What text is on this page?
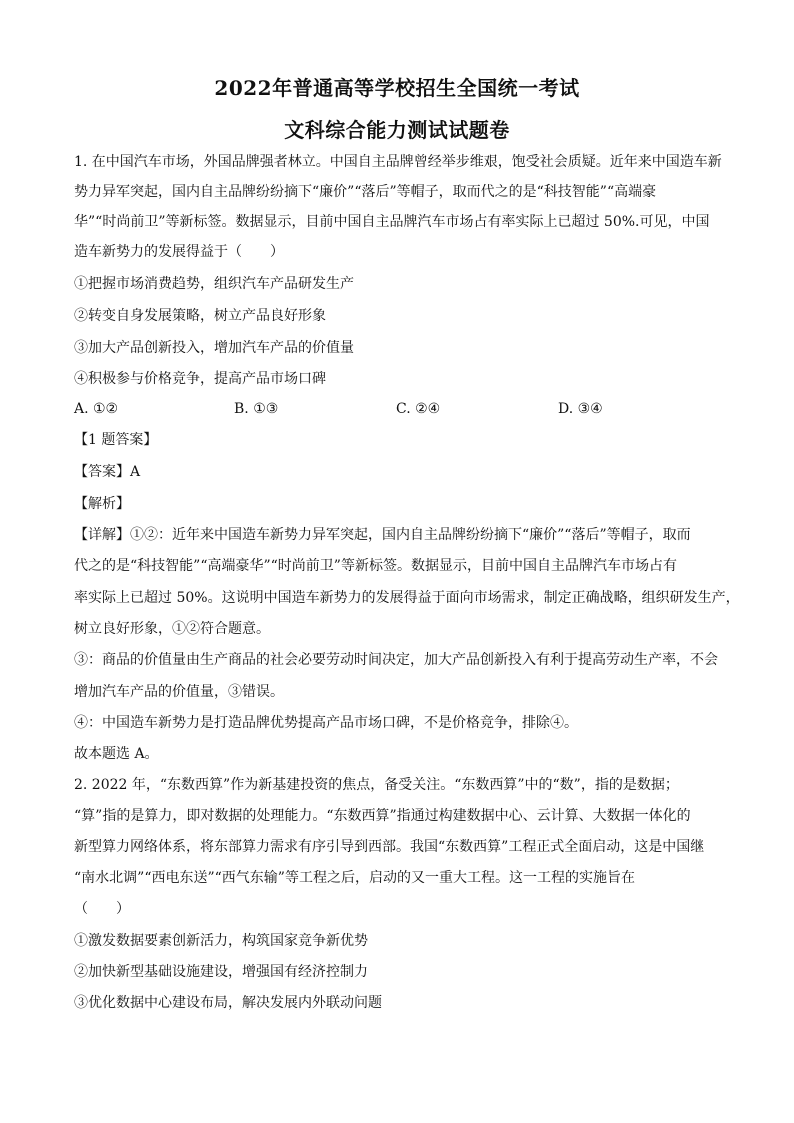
2022年普通高等学校招生全国统一考试
文科综合能力测试试题卷
1. 在中国汽车市场，外国品牌强者林立。中国自主品牌曾经举步维艰，饱受社会质疑。近年来中国造车新
势力异军突起，国内自主品牌纷纷摘下“廉价”“落后”等帽子，取而代之的是“科技智能”“高端豪
华”“时尚前卫”等新标签。数据显示，目前中国自主品牌汽车市场占有率实际上已超过 50%.可见，中国
造车新势力的发展得益于（　　）
①把握市场消费趋势，组织汽车产品研发生产
②转变自身发展策略，树立产品良好形象
③加大产品创新投入，增加汽车产品的价值量
④积极参与价格竞争，提高产品市场口碑
A. ①②	B. ①③	C. ②④	D. ③④
【1 题答案】
【答案】A
【解析】
【详解】①②：近年来中国造车新势力异军突起，国内自主品牌纷纷摘下“廉价”“落后”等帽子，取而
代之的是“科技智能”“高端豪华”“时尚前卫”等新标签。数据显示，目前中国自主品牌汽车市场占有
率实际上已超过 50%。这说明中国造车新势力的发展得益于面向市场需求，制定正确战略，组织研发生产，
树立良好形象，①②符合题意。
③：商品的价值量由生产商品的社会必要劳动时间决定，加大产品创新投入有利于提高劳动生产率，不会
增加汽车产品的价值量，③错误。
④：中国造车新势力是打造品牌优势提高产品市场口碑，不是价格竞争，排除④。
故本题选 A。
2. 2022 年，“东数西算”作为新基建投资的焦点，备受关注。“东数西算”中的“数”，指的是数据；
“算”指的是算力，即对数据的处理能力。“东数西算”指通过构建数据中心、云计算、大数据一体化的
新型算力网络体系，将东部算力需求有序引导到西部。我国“东数西算”工程正式全面启动，这是中国继
“南水北调”“西电东送”“西气东输”等工程之后，启动的又一重大工程。这一工程的实施旨在
（　　）
①激发数据要素创新活力，构筑国家竞争新优势
②加快新型基础设施建设，增强国有经济控制力
③优化数据中心建设布局，解决发展内外联动问题
